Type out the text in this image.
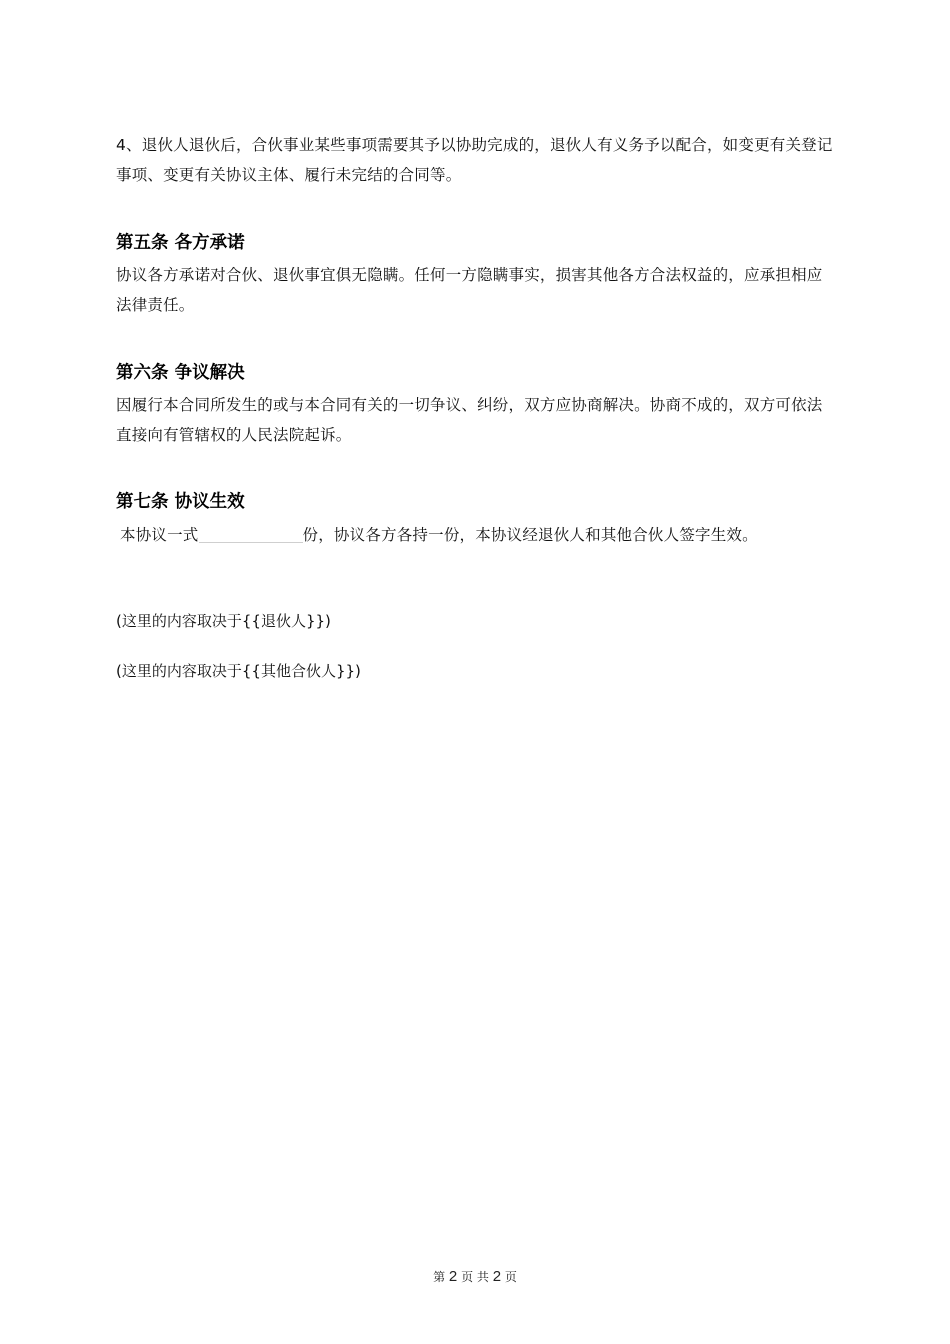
4、退伙人退伙后，合伙事业某些事项需要其予以协助完成的，退伙人有义务予以配合，如变更有关登记事项、变更有关协议主体、履行未完结的合同等。

第五条 各方承诺

协议各方承诺对合伙、退伙事宜俱无隐瞒。任何一方隐瞒事实，损害其他各方合法权益的，应承担相应法律责任。

第六条 争议解决

因履行本合同所发生的或与本合同有关的一切争议、纠纷，双方应协商解决。协商不成的，双方可依法直接向有管辖权的人民法院起诉。

第七条 协议生效

本协议一式	份，协议各方各持一份，本协议经退伙人和其他合伙人签字生效。

(这里的内容取决于{{退伙人}})

(这里的内容取决于{{其他合伙人}})

第 2 页 共 2 页
